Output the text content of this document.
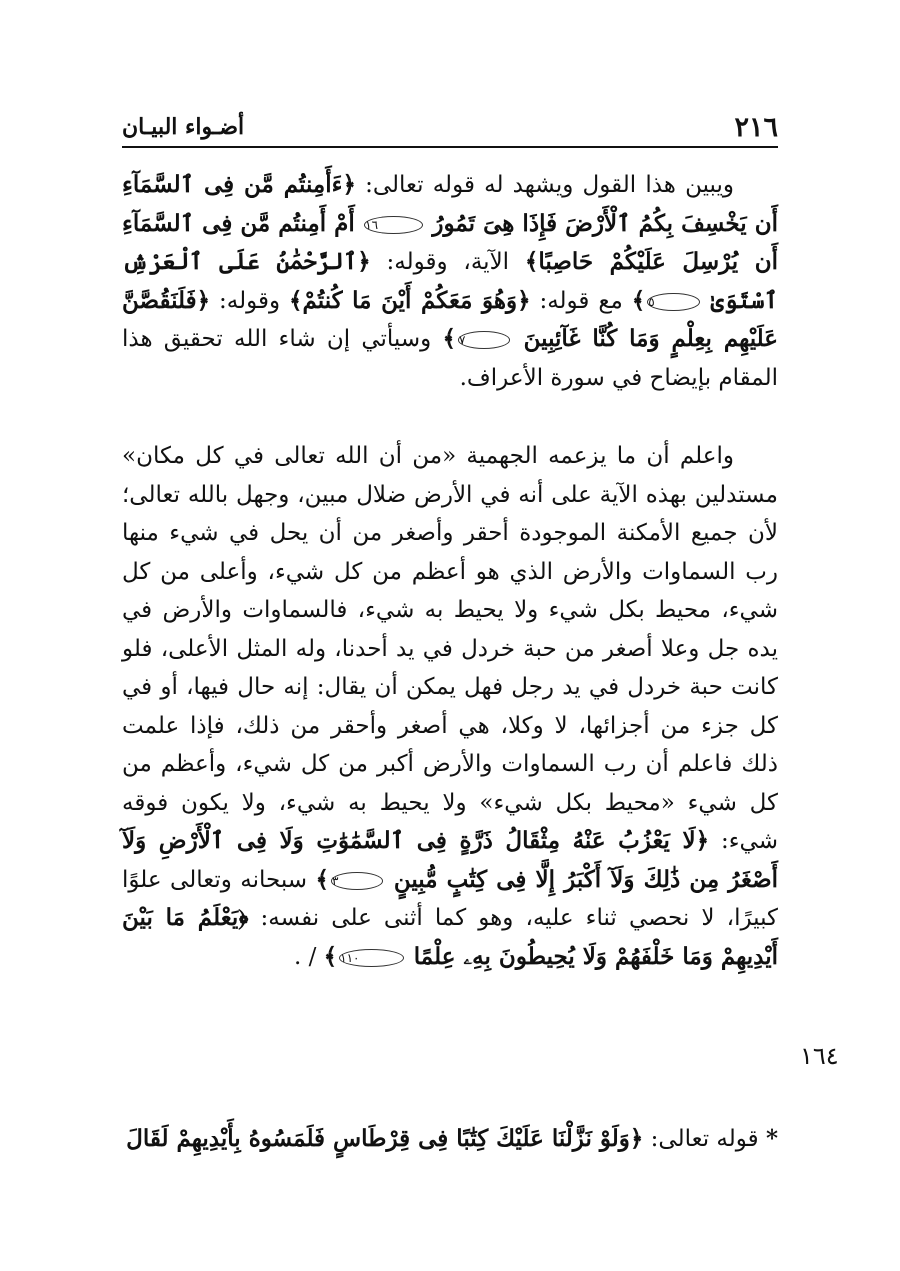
٢١٦
أضـواء البيـان

ويبين هذا القول ويشهد له قوله تعالى: ﴿ءَأَمِنتُم مَّن فِى ٱلسَّمَآءِ أَن يَخْسِفَ بِكُمُ ٱلْأَرْضَ فَإِذَا هِىَ تَمُورُ ١٦ أَمْ أَمِنتُم مَّن فِى ٱلسَّمَآءِ أَن يُرْسِلَ عَلَيْكُمْ حَاصِبًا﴾ الآية، وقوله: ﴿ٱلرَّحْمَٰنُ عَلَى ٱلْعَرْشِ ٱسْتَوَىٰ ٥﴾ مع قوله: ﴿وَهُوَ مَعَكُمْ أَيْنَ مَا كُنتُمْ﴾ وقوله: ﴿فَلَنَقُصَّنَّ عَلَيْهِم بِعِلْمٍ وَمَا كُنَّا غَآئِبِينَ ٧﴾ وسيأتي إن شاء الله تحقيق هذا المقام بإيضاح في سورة الأعراف.

واعلم أن ما يزعمه الجهمية «من أن الله تعالى في كل مكان» مستدلين بهذه الآية على أنه في الأرض ضلال مبين، وجهل بالله تعالى؛ لأن جميع الأمكنة الموجودة أحقر وأصغر من أن يحل في شيء منها رب السماوات والأرض الذي هو أعظم من كل شيء، وأعلى من كل شيء، محيط بكل شيء ولا يحيط به شيء، فالسماوات والأرض في يده جل وعلا أصغر من حبة خردل في يد أحدنا، وله المثل الأعلى، فلو كانت حبة خردل في يد رجل فهل يمكن أن يقال: إنه حال فيها، أو في كل جزء من أجزائها، لا وكلا، هي أصغر وأحقر من ذلك، فإذا علمت ذلك فاعلم أن رب السماوات والأرض أكبر من كل شيء، وأعظم من كل شيء «محيط بكل شيء» ولا يحيط به شيء، ولا يكون فوقه شيء: ﴿لَا يَعْزُبُ عَنْهُ مِثْقَالُ ذَرَّةٍ فِى ٱلسَّمَٰوَٰتِ وَلَا فِى ٱلْأَرْضِ وَلَآ أَصْغَرُ مِن ذَٰلِكَ وَلَآ أَكْبَرُ إِلَّا فِى كِتَٰبٍ مُّبِينٍ ٣﴾ سبحانه وتعالى علوًا كبيرًا، لا نحصي ثناء عليه، وهو كما أثنى على نفسه: ﴿يَعْلَمُ مَا بَيْنَ أَيْدِيهِمْ وَمَا خَلْفَهُمْ وَلَا يُحِيطُونَ بِهِۦ عِلْمًا ١١٠﴾ / .

١٦٤
* قوله تعالى: ﴿وَلَوْ نَزَّلْنَا عَلَيْكَ كِتَٰبًا فِى قِرْطَاسٍ فَلَمَسُوهُ بِأَيْدِيهِمْ لَقَالَ
